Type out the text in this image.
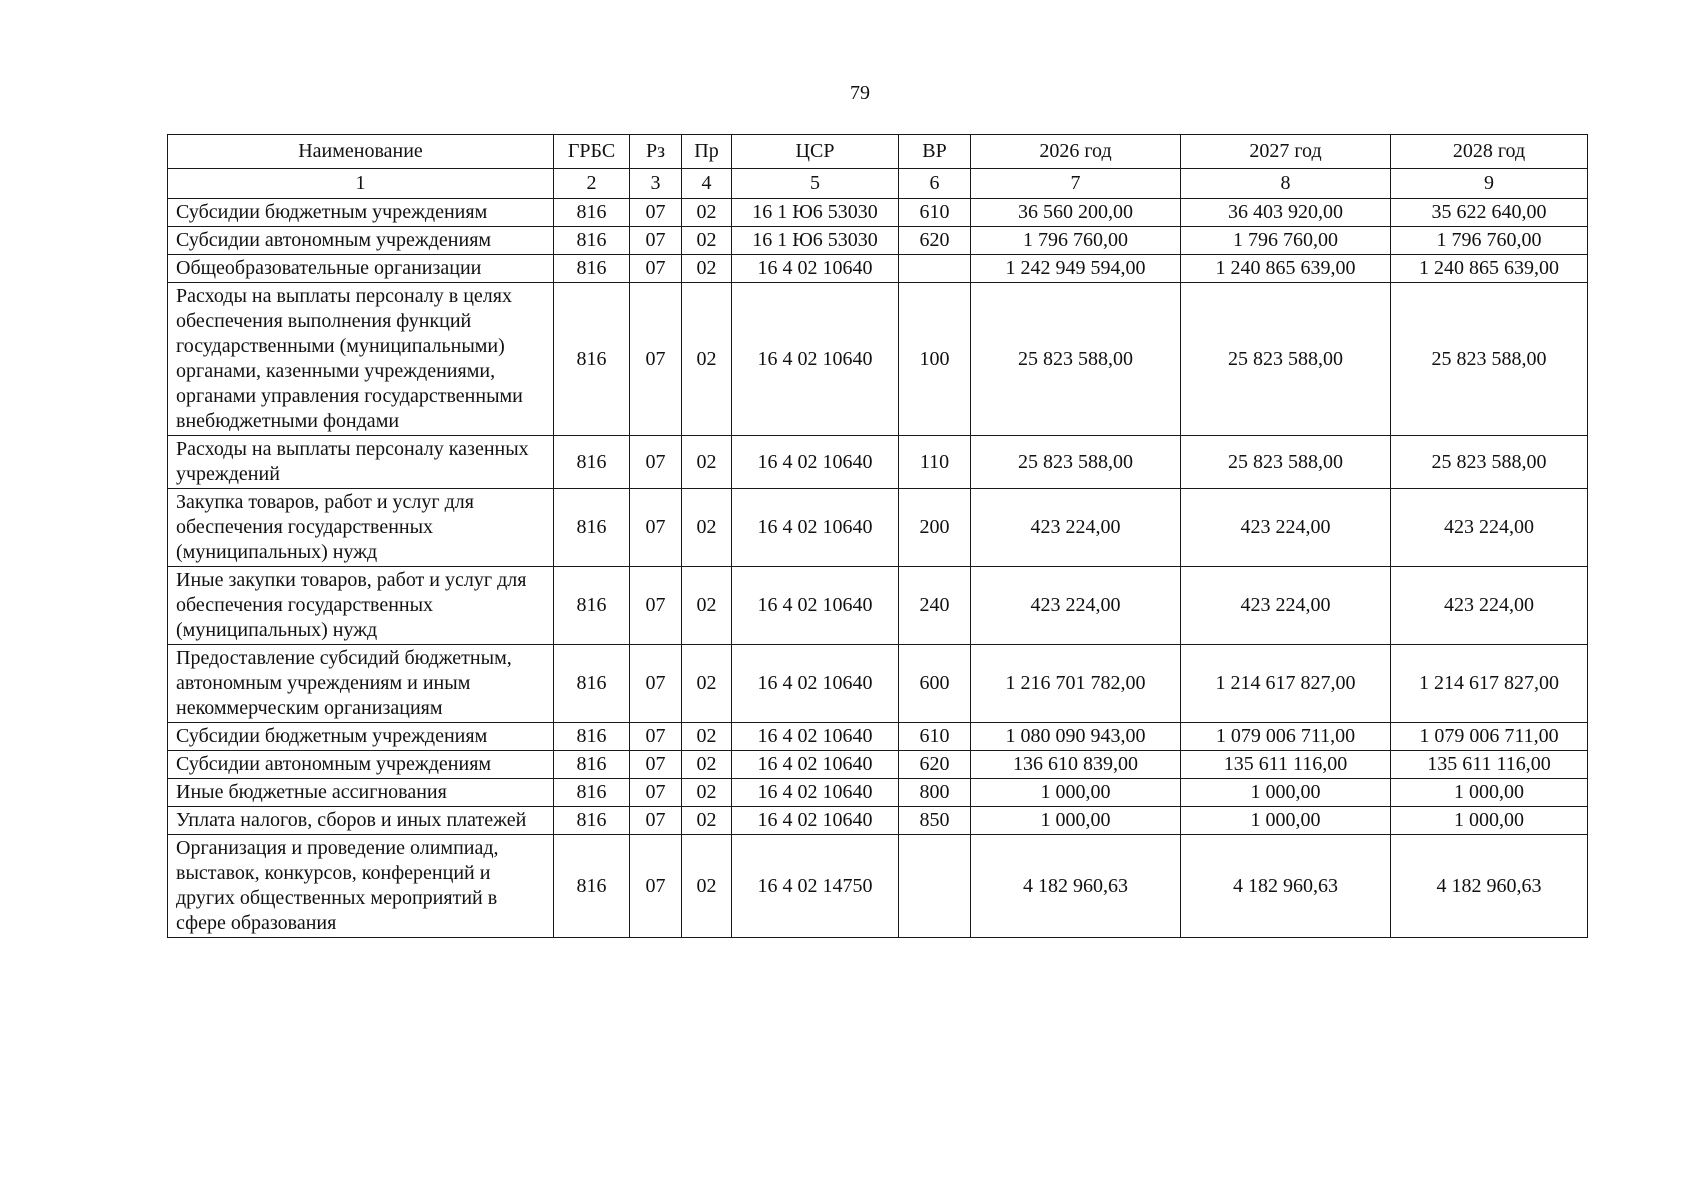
79
Наименование	ГРБС	Рз	Пр	ЦСР	ВР	2026 год	2027 год	2028 год
1	2	3	4	5	6	7	8	9
Субсидии бюджетным учреждениям	816	07	02	16 1 Ю6 53030	610	36 560 200,00	36 403 920,00	35 622 640,00
Субсидии автономным учреждениям	816	07	02	16 1 Ю6 53030	620	1 796 760,00	1 796 760,00	1 796 760,00
Общеобразовательные организации	816	07	02	16 4 02 10640		1 242 949 594,00	1 240 865 639,00	1 240 865 639,00
Расходы на выплаты персоналу в целях обеспечения выполнения функций государственными (муниципальными) органами, казенными учреждениями, органами управления государственными внебюджетными фондами	816	07	02	16 4 02 10640	100	25 823 588,00	25 823 588,00	25 823 588,00
Расходы на выплаты персоналу казенных учреждений	816	07	02	16 4 02 10640	110	25 823 588,00	25 823 588,00	25 823 588,00
Закупка товаров, работ и услуг для обеспечения государственных (муниципальных) нужд	816	07	02	16 4 02 10640	200	423 224,00	423 224,00	423 224,00
Иные закупки товаров, работ и услуг для обеспечения государственных (муниципальных) нужд	816	07	02	16 4 02 10640	240	423 224,00	423 224,00	423 224,00
Предоставление субсидий бюджетным, автономным учреждениям и иным некоммерческим организациям	816	07	02	16 4 02 10640	600	1 216 701 782,00	1 214 617 827,00	1 214 617 827,00
Субсидии бюджетным учреждениям	816	07	02	16 4 02 10640	610	1 080 090 943,00	1 079 006 711,00	1 079 006 711,00
Субсидии автономным учреждениям	816	07	02	16 4 02 10640	620	136 610 839,00	135 611 116,00	135 611 116,00
Иные бюджетные ассигнования	816	07	02	16 4 02 10640	800	1 000,00	1 000,00	1 000,00
Уплата налогов, сборов и иных платежей	816	07	02	16 4 02 10640	850	1 000,00	1 000,00	1 000,00
Организация и проведение олимпиад, выставок, конкурсов, конференций и других общественных мероприятий в сфере образования	816	07	02	16 4 02 14750		4 182 960,63	4 182 960,63	4 182 960,63
